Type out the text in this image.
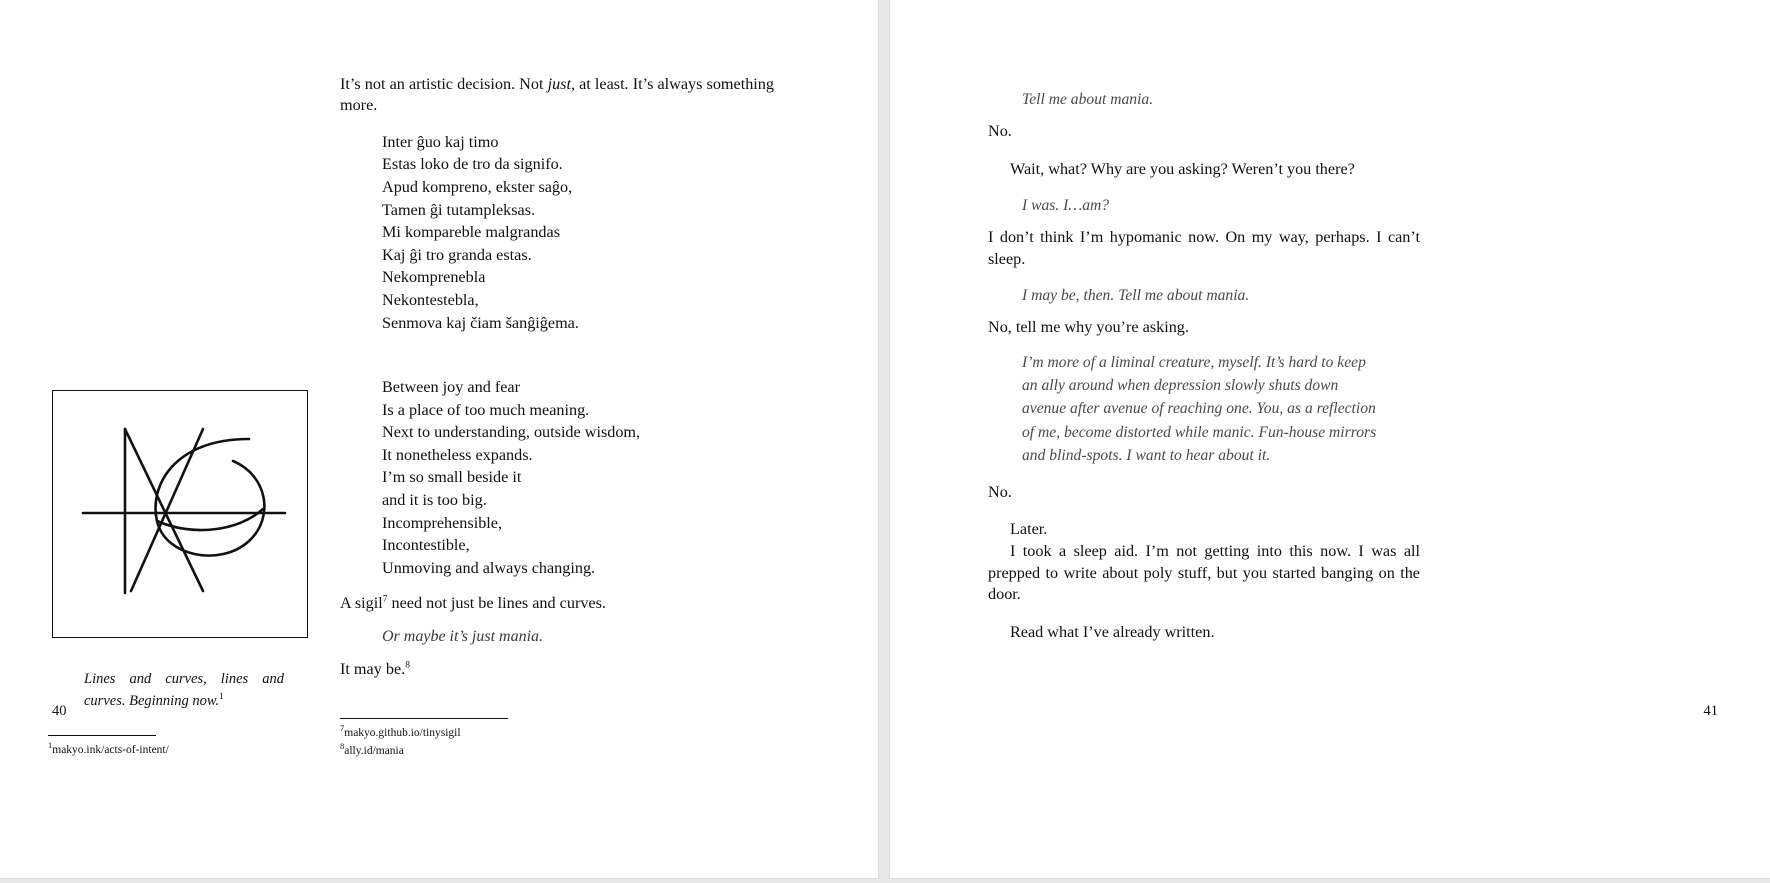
Lines and curves, lines and curves. Beginning now.$^1$
$^1$makyo.ink/acts-of-intent/

It’s not an artistic decision. Not just, at least. It’s always something more.

Inter ĝuo kaj timo
Estas loko de tro da signifo.
Apud kompreno, ekster saĝo,
Tamen ĝi tutampleksas.
Mi kompareble malgrandas
Kaj ĝi tro granda estas.
Nekomprenebla
Nekontestebla,
Senmova kaj čiam šanĝiĝema.
Between joy and fear
Is a place of too much meaning.
Next to understanding, outside wisdom,
It nonetheless expands.
I’m so small beside it
and it is too big.
Incomprehensible,
Incontestible,
Unmoving and always changing.

A sigil$^7$ need not just be lines and curves.

Or maybe it’s just mania.

It may be.$^8$

$^7$makyo.github.io/tinysigil
$^8$ally.id/mania
40

Tell me about mania.

No.

Wait, what? Why are you asking? Weren’t you there?

I was. I…am?

I don’t think I’m hypomanic now. On my way, perhaps. I can’t sleep.

I may be, then. Tell me about mania.

No, tell me why you’re asking.

I’m more of a liminal creature, myself. It’s hard to keep an ally around when depression slowly shuts down avenue after avenue of reaching one. You, as a reflection of me, become distorted while manic. Fun-house mirrors and blind-spots. I want to hear about it.

No.

Later.

I took a sleep aid. I’m not getting into this now. I was all prepped to write about poly stuff, but you started banging on the door.

Read what I’ve already written.

41
